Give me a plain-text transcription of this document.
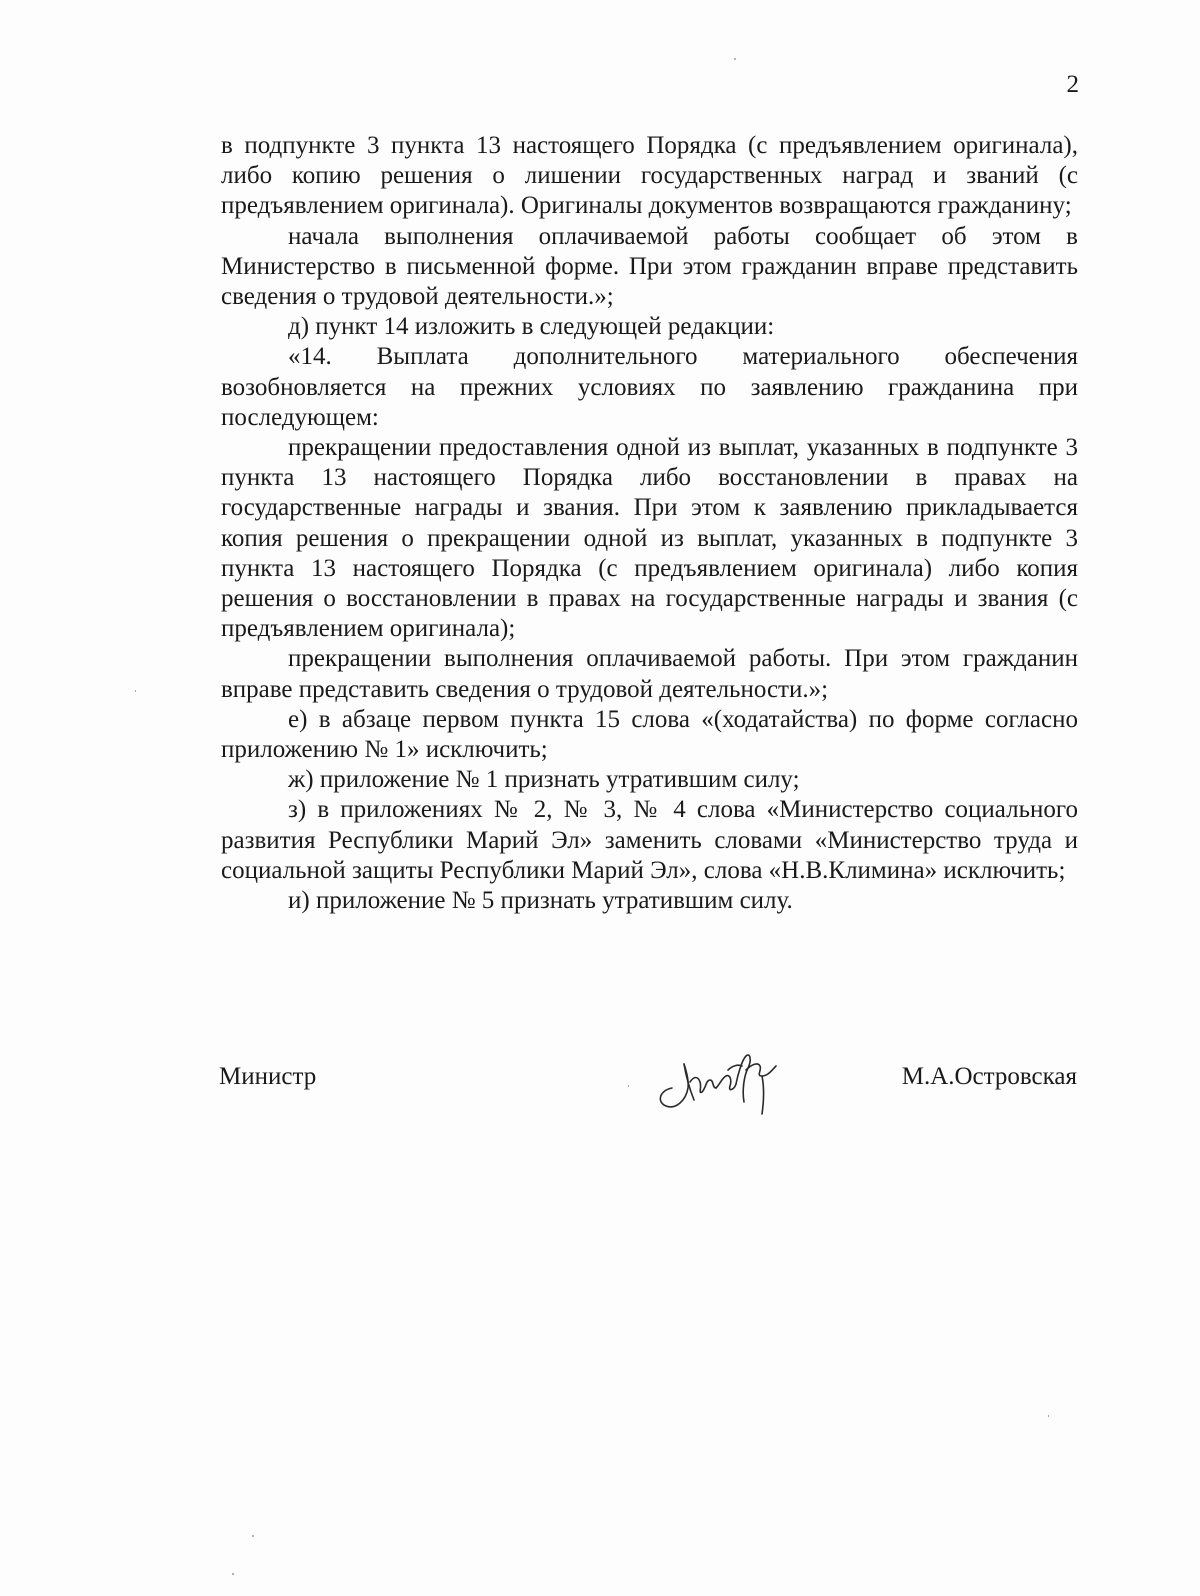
2

в подпункте 3 пункта 13 настоящего Порядка (с предъявлением оригинала), либо копию решения о лишении государственных наград и званий (с предъявлением оригинала). Оригиналы документов возвращаются гражданину;

начала выполнения оплачиваемой работы сообщает об этом в Министерство в письменной форме. При этом гражданин вправе представить сведения о трудовой деятельности.»;

д) пункт 14 изложить в следующей редакции:

«14. Выплата дополнительного материального обеспечения возобновляется на прежних условиях по заявлению гражданина при последующем:

прекращении предоставления одной из выплат, указанных в подпункте 3 пункта 13 настоящего Порядка либо восстановлении в правах на государственные награды и звания. При этом к заявлению прикладывается копия решения о прекращении одной из выплат, указанных в подпункте 3 пункта 13 настоящего Порядка (с предъявлением оригинала) либо копия решения о восстановлении в правах на государственные награды и звания (с предъявлением оригинала);

прекращении выполнения оплачиваемой работы. При этом гражданин вправе представить сведения о трудовой деятельности.»;

е) в абзаце первом пункта 15 слова «(ходатайства) по форме согласно приложению № 1» исключить;

ж) приложение № 1 признать утратившим силу;

з) в приложениях № 2, № 3, № 4 слова «Министерство социального развития Республики Марий Эл» заменить словами «Министерство труда и социальной защиты Республики Марий Эл», слова «Н.В.Климина» исключить;

и) приложение № 5 признать утратившим силу.

Министр	М.А.Островская
